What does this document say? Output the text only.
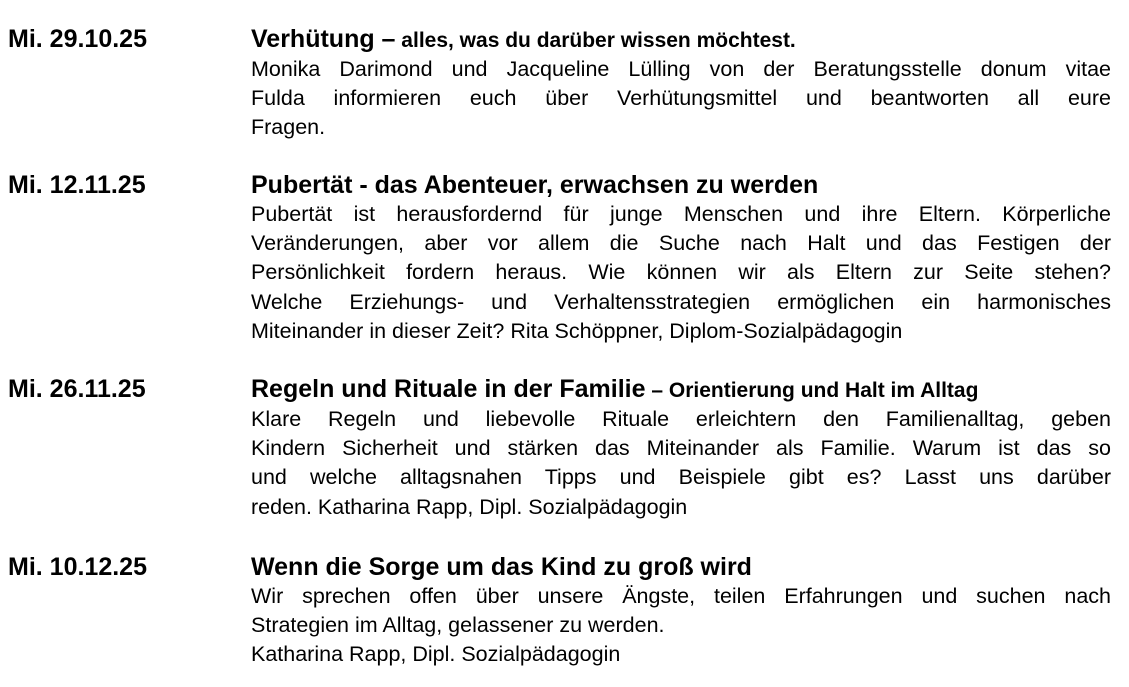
Mi. 29.10.25	Verhütung – alles, was du darüber wissen möchtest.

Monika Darimond und Jacqueline Lülling von der Beratungsstelle donum vitae
Fulda informieren euch über Verhütungsmittel und beantworten all eure
Fragen.

Mi. 12.11.25	Pubertät - das Abenteuer, erwachsen zu werden

Pubertät ist herausfordernd für junge Menschen und ihre Eltern. Körperliche
Veränderungen, aber vor allem die Suche nach Halt und das Festigen der
Persönlichkeit fordern heraus. Wie können wir als Eltern zur Seite stehen?
Welche Erziehungs- und Verhaltensstrategien ermöglichen ein harmonisches
Miteinander in dieser Zeit? Rita Schöppner, Diplom-Sozialpädagogin

Mi. 26.11.25	Regeln und Rituale in der Familie – Orientierung und Halt im Alltag

Klare Regeln und liebevolle Rituale erleichtern den Familienalltag, geben
Kindern Sicherheit und stärken das Miteinander als Familie. Warum ist das so
und welche alltagsnahen Tipps und Beispiele gibt es? Lasst uns darüber
reden. Katharina Rapp, Dipl. Sozialpädagogin

Mi. 10.12.25	Wenn die Sorge um das Kind zu groß wird

Wir sprechen offen über unsere Ängste, teilen Erfahrungen und suchen nach
Strategien im Alltag, gelassener zu werden.
Katharina Rapp, Dipl. Sozialpädagogin
